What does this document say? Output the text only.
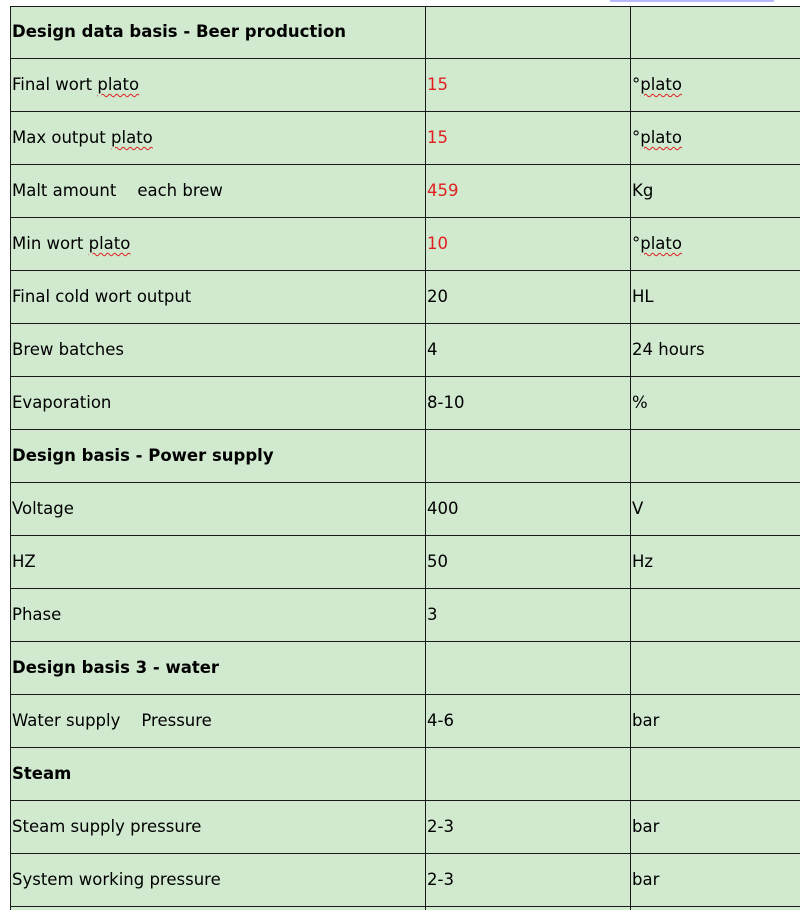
Design data basis - Beer production		
Final wort plato	15	°plato
Max output plato	15	°plato
Malt amount each brew	459	Kg
Min wort plato	10	°plato
Final cold wort output	20	HL
Brew batches	4	24 hours
Evaporation	8-10	%
Design basis - Power supply		
Voltage	400	V
HZ	50	Hz
Phase	3	
Design basis 3 - water		
Water supply Pressure	4-6	bar
Steam		
Steam supply pressure	2-3	bar
System working pressure	2-3	bar
